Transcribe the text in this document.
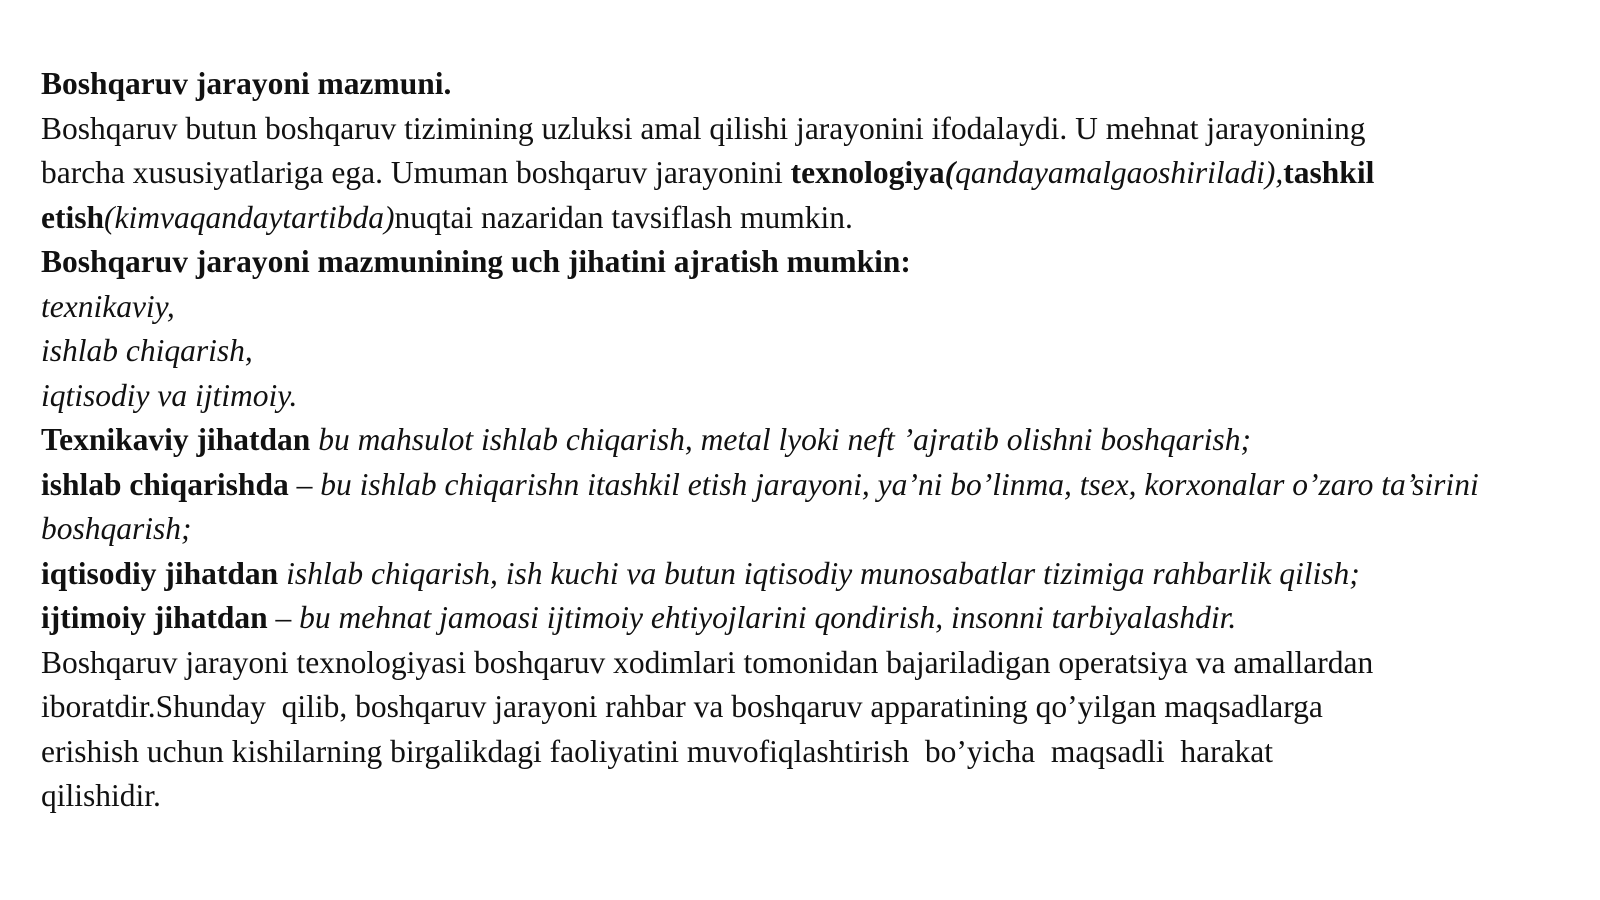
Boshqaruv jarayoni mazmuni.
Boshqaruv butun boshqaruv tizimining uzluksi amal qilishi jarayonini ifodalaydi. U mehnat jarayonining
barcha xususiyatlariga ega. Umuman boshqaruv jarayonini texnologiya(qandayamalgaoshiriladi),tashkil
etish(kimvaqandaytartibda)nuqtai nazaridan tavsiflash mumkin.
Boshqaruv jarayoni mazmunining uch jihatini ajratish mumkin:
texnikaviy,
ishlab chiqarish,
iqtisodiy va ijtimoiy.
Texnikaviy jihatdan bu mahsulot ishlab chiqarish, metal lyoki neft ’ajratib olishni boshqarish;
ishlab chiqarishda – bu ishlab chiqarishn itashkil etish jarayoni, ya’ni bo’linma, tsex, korxonalar o’zaro ta’sirini boshqarish;
iqtisodiy jihatdan ishlab chiqarish, ish kuchi va butun iqtisodiy munosabatlar tizimiga rahbarlik qilish;
ijtimoiy jihatdan – bu mehnat jamoasi ijtimoiy ehtiyojlarini qondirish, insonni tarbiyalashdir.
Boshqaruv jarayoni texnologiyasi boshqaruv xodimlari tomonidan bajariladigan operatsiya va amallardan
iboratdir.Shunday  qilib, boshqaruv jarayoni rahbar va boshqaruv apparatining qo’yilgan maqsadlarga
erishish uchun kishilarning birgalikdagi faoliyatini muvofiqlashtirish  bo’yicha  maqsadli  harakat
qilishidir.
